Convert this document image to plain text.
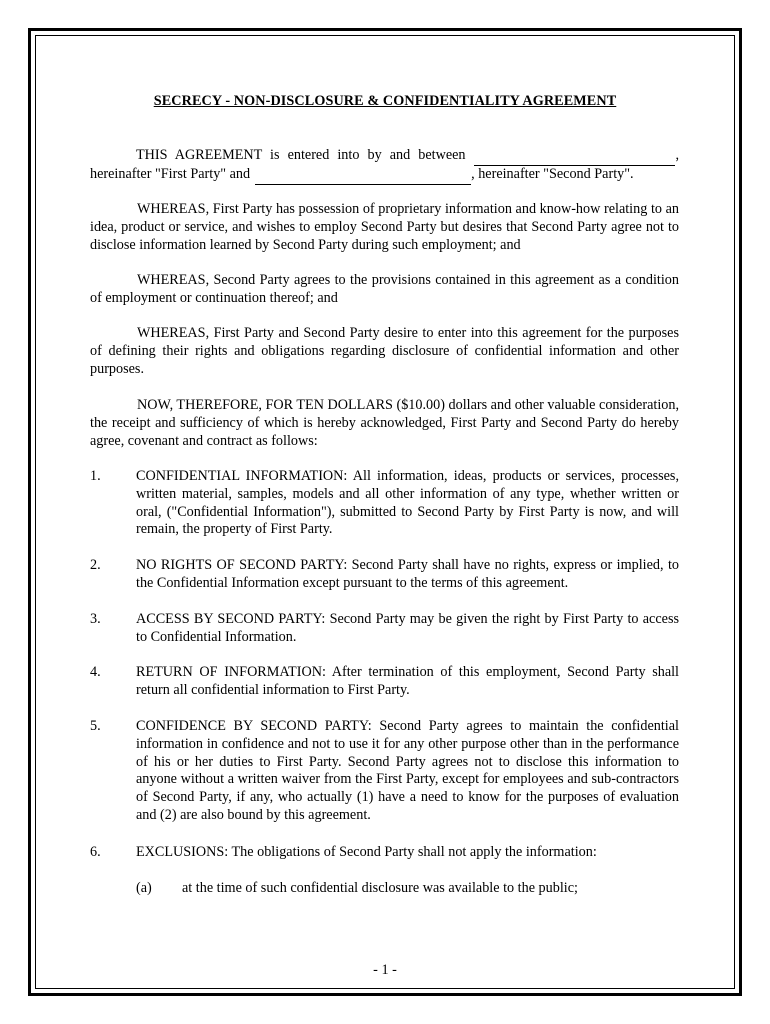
SECRECY - NON-DISCLOSURE & CONFIDENTIALITY AGREEMENT
THIS AGREEMENT is entered into by and between
	,
hereinafter "First Party" and
	, hereinafter "Second Party".

WHEREAS, First Party has possession of proprietary information and know-how relating to an idea, product or service, and wishes to employ Second Party but desires that Second Party agree not to disclose information learned by Second Party during such employment; and

WHEREAS, Second Party agrees to the provisions contained in this agreement as a condition of employment or continuation thereof; and

WHEREAS, First Party and Second Party desire to enter into this agreement for the purposes of defining their rights and obligations regarding disclosure of confidential information and other purposes.

NOW, THEREFORE, FOR TEN DOLLARS ($10.00) dollars and other valuable consideration, the receipt and sufficiency of which is hereby acknowledged, First Party and Second Party do hereby agree, covenant and contract as follows:

1. CONFIDENTIAL INFORMATION: All information, ideas, products or services, processes, written material, samples, models and all other information of any type, whether written or oral, ("Confidential Information"), submitted to Second Party by First Party is now, and will remain, the property of First Party.
2. NO RIGHTS OF SECOND PARTY: Second Party shall have no rights, express or implied, to the Confidential Information except pursuant to the terms of this agreement.
3. ACCESS BY SECOND PARTY: Second Party may be given the right by First Party to access to Confidential Information.
4. RETURN OF INFORMATION: After termination of this employment, Second Party shall return all confidential information to First Party.
5. CONFIDENCE BY SECOND PARTY: Second Party agrees to maintain the confidential information in confidence and not to use it for any other purpose other than in the performance of his or her duties to First Party. Second Party agrees not to disclose this information to anyone without a written waiver from the First Party, except for employees and sub-contractors of Second Party, if any, who actually (1) have a need to know for the purposes of evaluation and (2) are also bound by this agreement.
6. EXCLUSIONS: The obligations of Second Party shall not apply the information:
(a) at the time of such confidential disclosure was available to the public;
- 1 -
